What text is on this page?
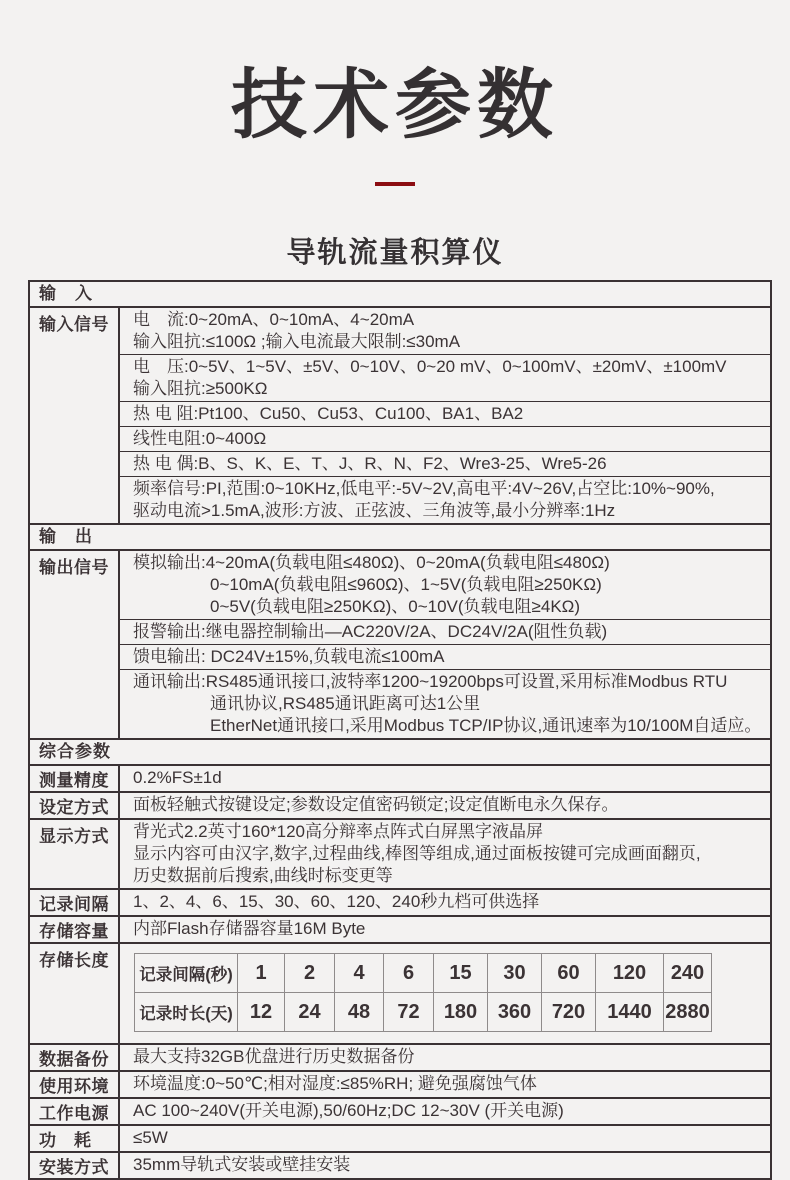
技术参数
导轨流量积算仪
输　入
输入信号	电　流:0~20mA、0~10mA、4~20mA
输入阻抗:≤100Ω ;输入电流最大限制:≤30mA
电　压:0~5V、1~5V、±5V、0~10V、0~20 mV、0~100mV、±20mV、±100mV
输入阻抗:≥500KΩ
热 电 阻:Pt100、Cu50、Cu53、Cu100、BA1、BA2
线性电阻:0~400Ω
热 电 偶:B、S、K、E、T、J、R、N、F2、Wre3-25、Wre5-26
频率信号:PI,范围:0~10KHz,低电平:-5V~2V,高电平:4V~26V,占空比:10%~90%,
驱动电流>1.5mA,波形:方波、正弦波、三角波等,最小分辨率:1Hz
输　出
输出信号	模拟输出:4~20mA(负载电阻≤480Ω)、0~20mA(负载电阻≤480Ω)
0~10mA(负载电阻≤960Ω)、1~5V(负载电阻≥250KΩ)
0~5V(负载电阻≥250KΩ)、0~10V(负载电阻≥4KΩ)
报警输出:继电器控制输出—AC220V/2A、DC24V/2A(阻性负载)
馈电输出: DC24V±15%,负载电流≤100mA
通讯输出:RS485通讯接口,波特率1200~19200bps可设置,采用标准Modbus RTU
通讯协议,RS485通讯距离可达1公里
EtherNet通讯接口,采用Modbus TCP/IP协议,通讯速率为10/100M自适应。
综合参数
测量精度	0.2%FS±1d
设定方式	面板轻触式按键设定;参数设定值密码锁定;设定值断电永久保存。
显示方式	背光式2.2英寸160*120高分辩率点阵式白屏黑字液晶屏
显示内容可由汉字,数字,过程曲线,棒图等组成,通过面板按键可完成画面翻页,
历史数据前后搜索,曲线时标变更等
记录间隔	1、2、4、6、15、30、60、120、240秒九档可供选择
存储容量	内部Flash存储器容量16M Byte
存储长度
记录间隔(秒)	1	2	4	6	15	30	60	120	240
记录时长(天)	12	24	48	72	180	360	720	1440	2880
数据备份	最大支持32GB优盘进行历史数据备份
使用环境	环境温度:0~50℃;相对湿度:≤85%RH; 避免强腐蚀气体
工作电源	AC 100~240V(开关电源),50/60Hz;DC 12~30V (开关电源)
功　耗	≤5W
安装方式	35mm导轨式安装或壁挂安装
